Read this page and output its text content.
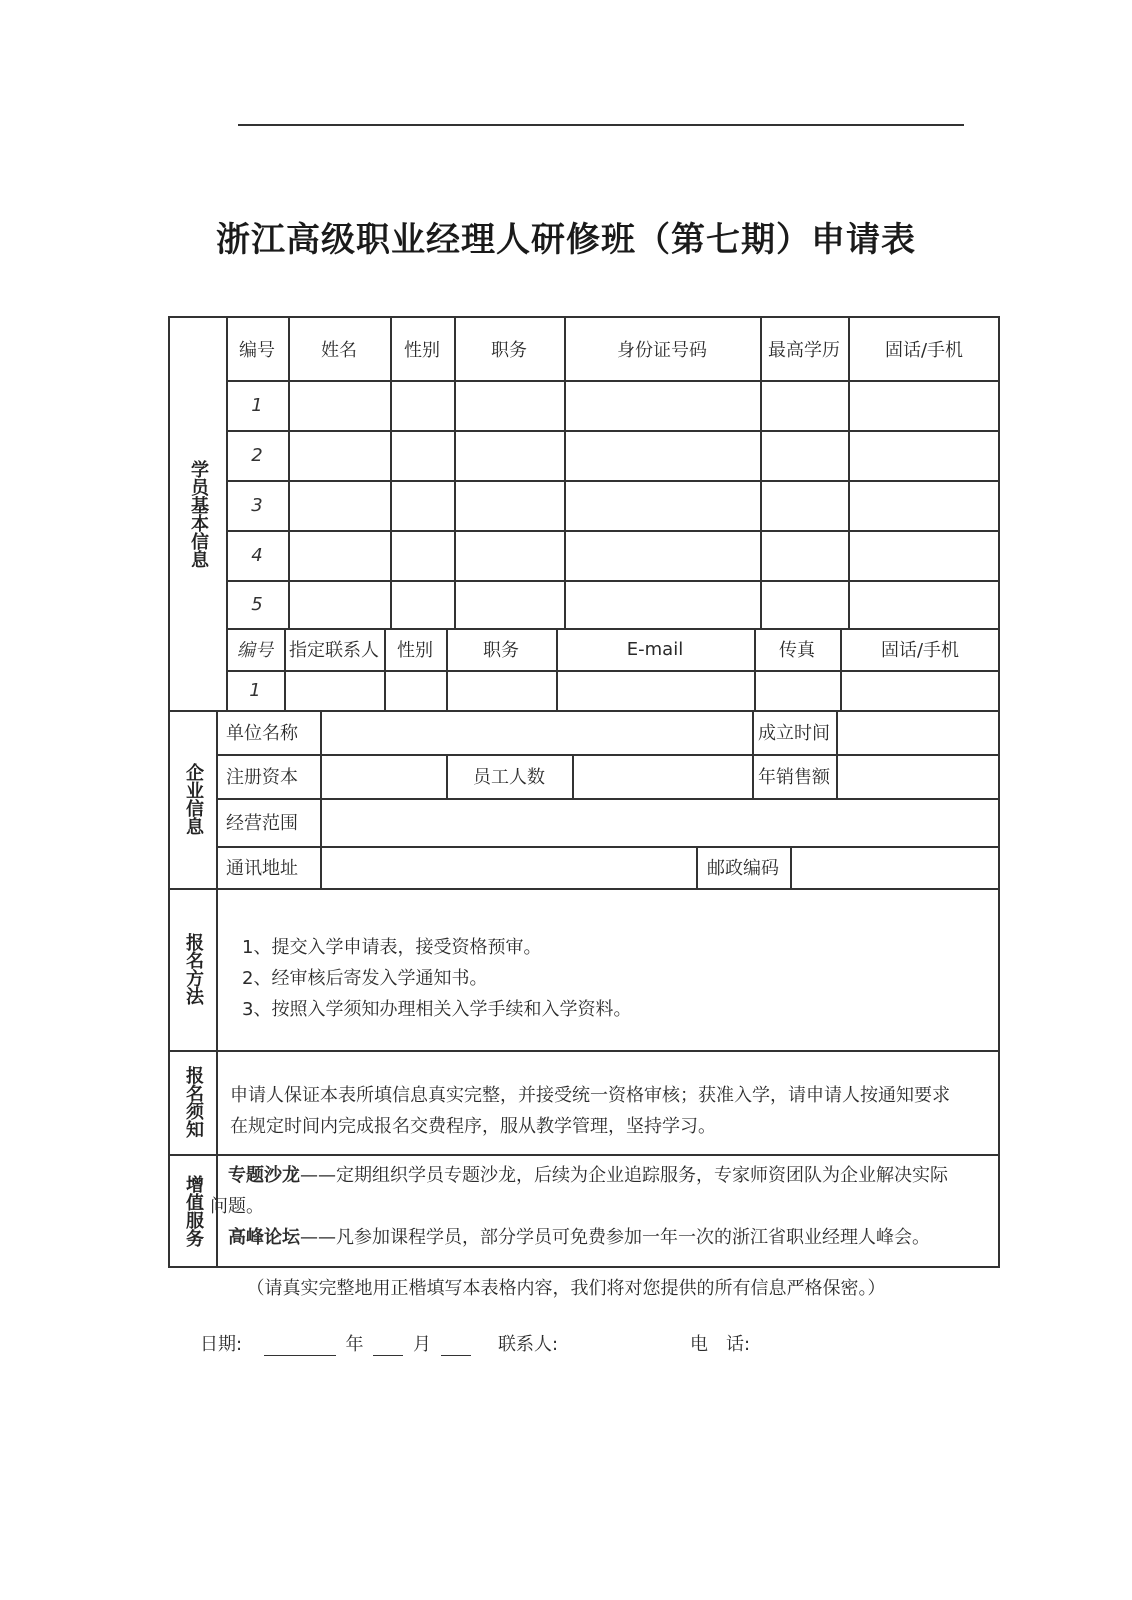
浙江高级职业经理人研修班（第七期）申请表
学员基本信息
企业信息
报名方法
报名须知
增值服务
编号	姓名	性别	职务	身份证号码	最高学历	固话/手机
1
2
3
4
5
编号 指定联系人	性别	职务	E-mail	传真	固话/手机
1
单位名称	成立时间
注册资本	员工人数	年销售额
经营范围
通讯地址	邮政编码
1、提交入学申请表，接受资格预审。
2、经审核后寄发入学通知书。
3、按照入学须知办理相关入学手续和入学资料。
申请人保证本表所填信息真实完整，并接受统一资格审核；获准入学，请申请人按通知要求
在规定时间内完成报名交费程序，服从教学管理，坚持学习。
　专题沙龙——定期组织学员专题沙龙，后续为企业追踪服务，专家师资团队为企业解决实际
问题。
　高峰论坛——凡参加课程学员，部分学员可免费参加一年一次的浙江省职业经理人峰会。
（请真实完整地用正楷填写本表格内容，我们将对您提供的所有信息严格保密。）
日期:	年	月	联系人:	电　话:
